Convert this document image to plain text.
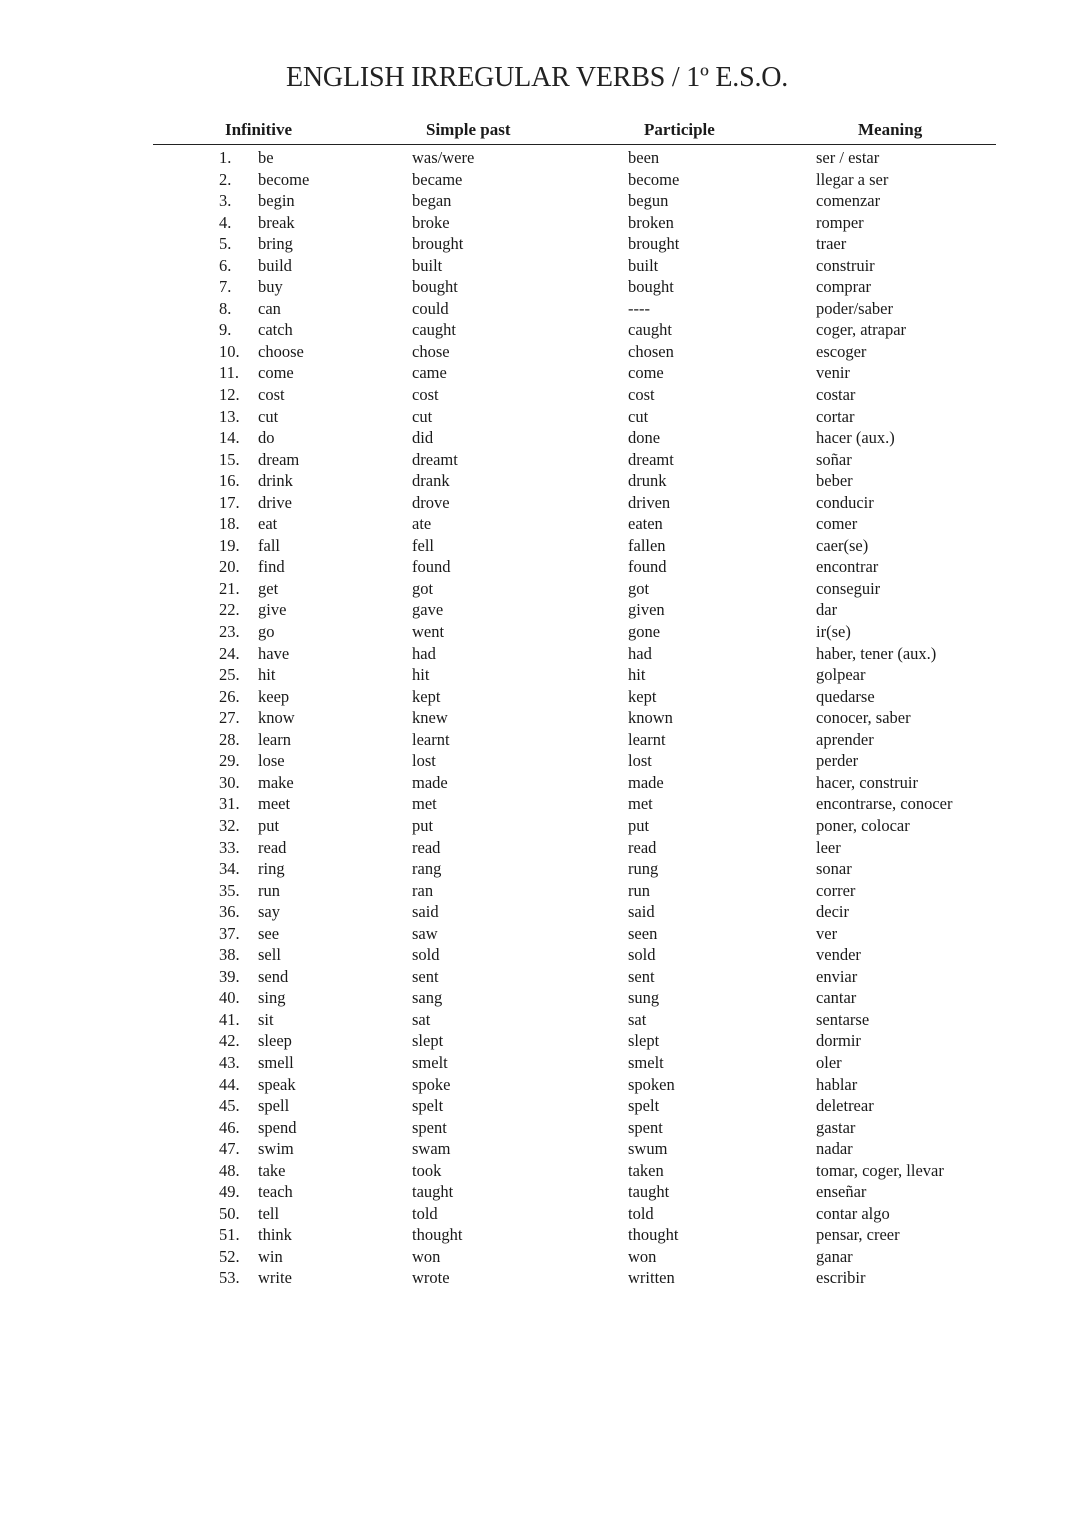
ENGLISH IRREGULAR VERBS / 1º E.S.O.
Infinitive	Simple past	Participle	Meaning
1. be	was/were	been	ser / estar
2. become	became	become	llegar a ser
3. begin	began	begun	comenzar
4. break	broke	broken	romper
5. bring	brought	brought	traer
6. build	built	built	construir
7. buy	bought	bought	comprar
8. can	could	----	poder/saber
9. catch	caught	caught	coger, atrapar
10. choose	chose	chosen	escoger
11. come	came	come	venir
12. cost	cost	cost	costar
13. cut	cut	cut	cortar
14. do	did	done	hacer (aux.)
15. dream	dreamt	dreamt	soñar
16. drink	drank	drunk	beber
17. drive	drove	driven	conducir
18. eat	ate	eaten	comer
19. fall	fell	fallen	caer(se)
20. find	found	found	encontrar
21. get	got	got	conseguir
22. give	gave	given	dar
23. go	went	gone	ir(se)
24. have	had	had	haber, tener (aux.)
25. hit	hit	hit	golpear
26. keep	kept	kept	quedarse
27. know	knew	known	conocer, saber
28. learn	learnt	learnt	aprender
29. lose	lost	lost	perder
30. make	made	made	hacer, construir
31. meet	met	met	encontrarse, conocer
32. put	put	put	poner, colocar
33. read	read	read	leer
34. ring	rang	rung	sonar
35. run	ran	run	correr
36. say	said	said	decir
37. see	saw	seen	ver
38. sell	sold	sold	vender
39. send	sent	sent	enviar
40. sing	sang	sung	cantar
41. sit	sat	sat	sentarse
42. sleep	slept	slept	dormir
43. smell	smelt	smelt	oler
44. speak	spoke	spoken	hablar
45. spell	spelt	spelt	deletrear
46. spend	spent	spent	gastar
47. swim	swam	swum	nadar
48. take	took	taken	tomar, coger, llevar
49. teach	taught	taught	enseñar
50. tell	told	told	contar algo
51. think	thought	thought	pensar, creer
52. win	won	won	ganar
53. write	wrote	written	escribir
